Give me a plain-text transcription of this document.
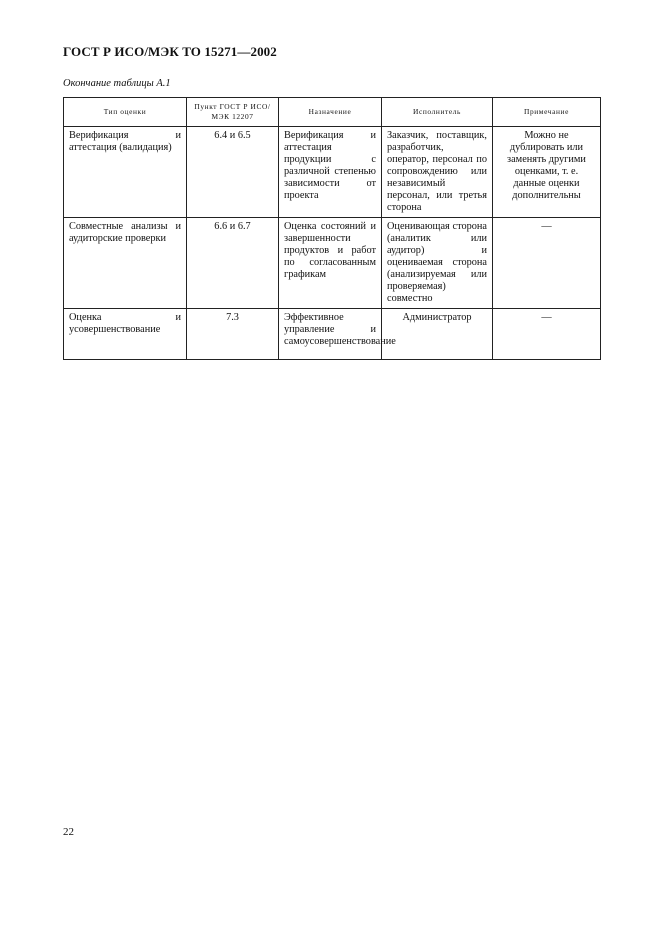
ГОСТ Р ИСО/МЭК ТО 15271—2002
Окончание таблицы А.1
Тип оценки	Пункт ГОСТ Р ИСО/МЭК 12207	Назначение	Исполнитель	Примечание
Верификация и аттестация (валидация)	6.4 и 6.5	Верификация и аттестация продукции с различной степенью зависимости от проекта	Заказчик, поставщик, разработчик, оператор, персонал по сопровождению или независимый персонал, или третья сторона	Можно не дублировать или заменять другими оценками, т. е. данные оценки дополнительны
Совместные анализы и аудиторские проверки	6.6 и 6.7	Оценка состояний и завершенности продуктов и работ по согласованным графикам	Оценивающая сторона (аналитик или аудитор) и оцениваемая сторона (анализируемая или проверяемая) совместно	—
Оценка и усовершенствование	7.3	Эффективное управление и самоусовершенствование	Администратор	—
22
